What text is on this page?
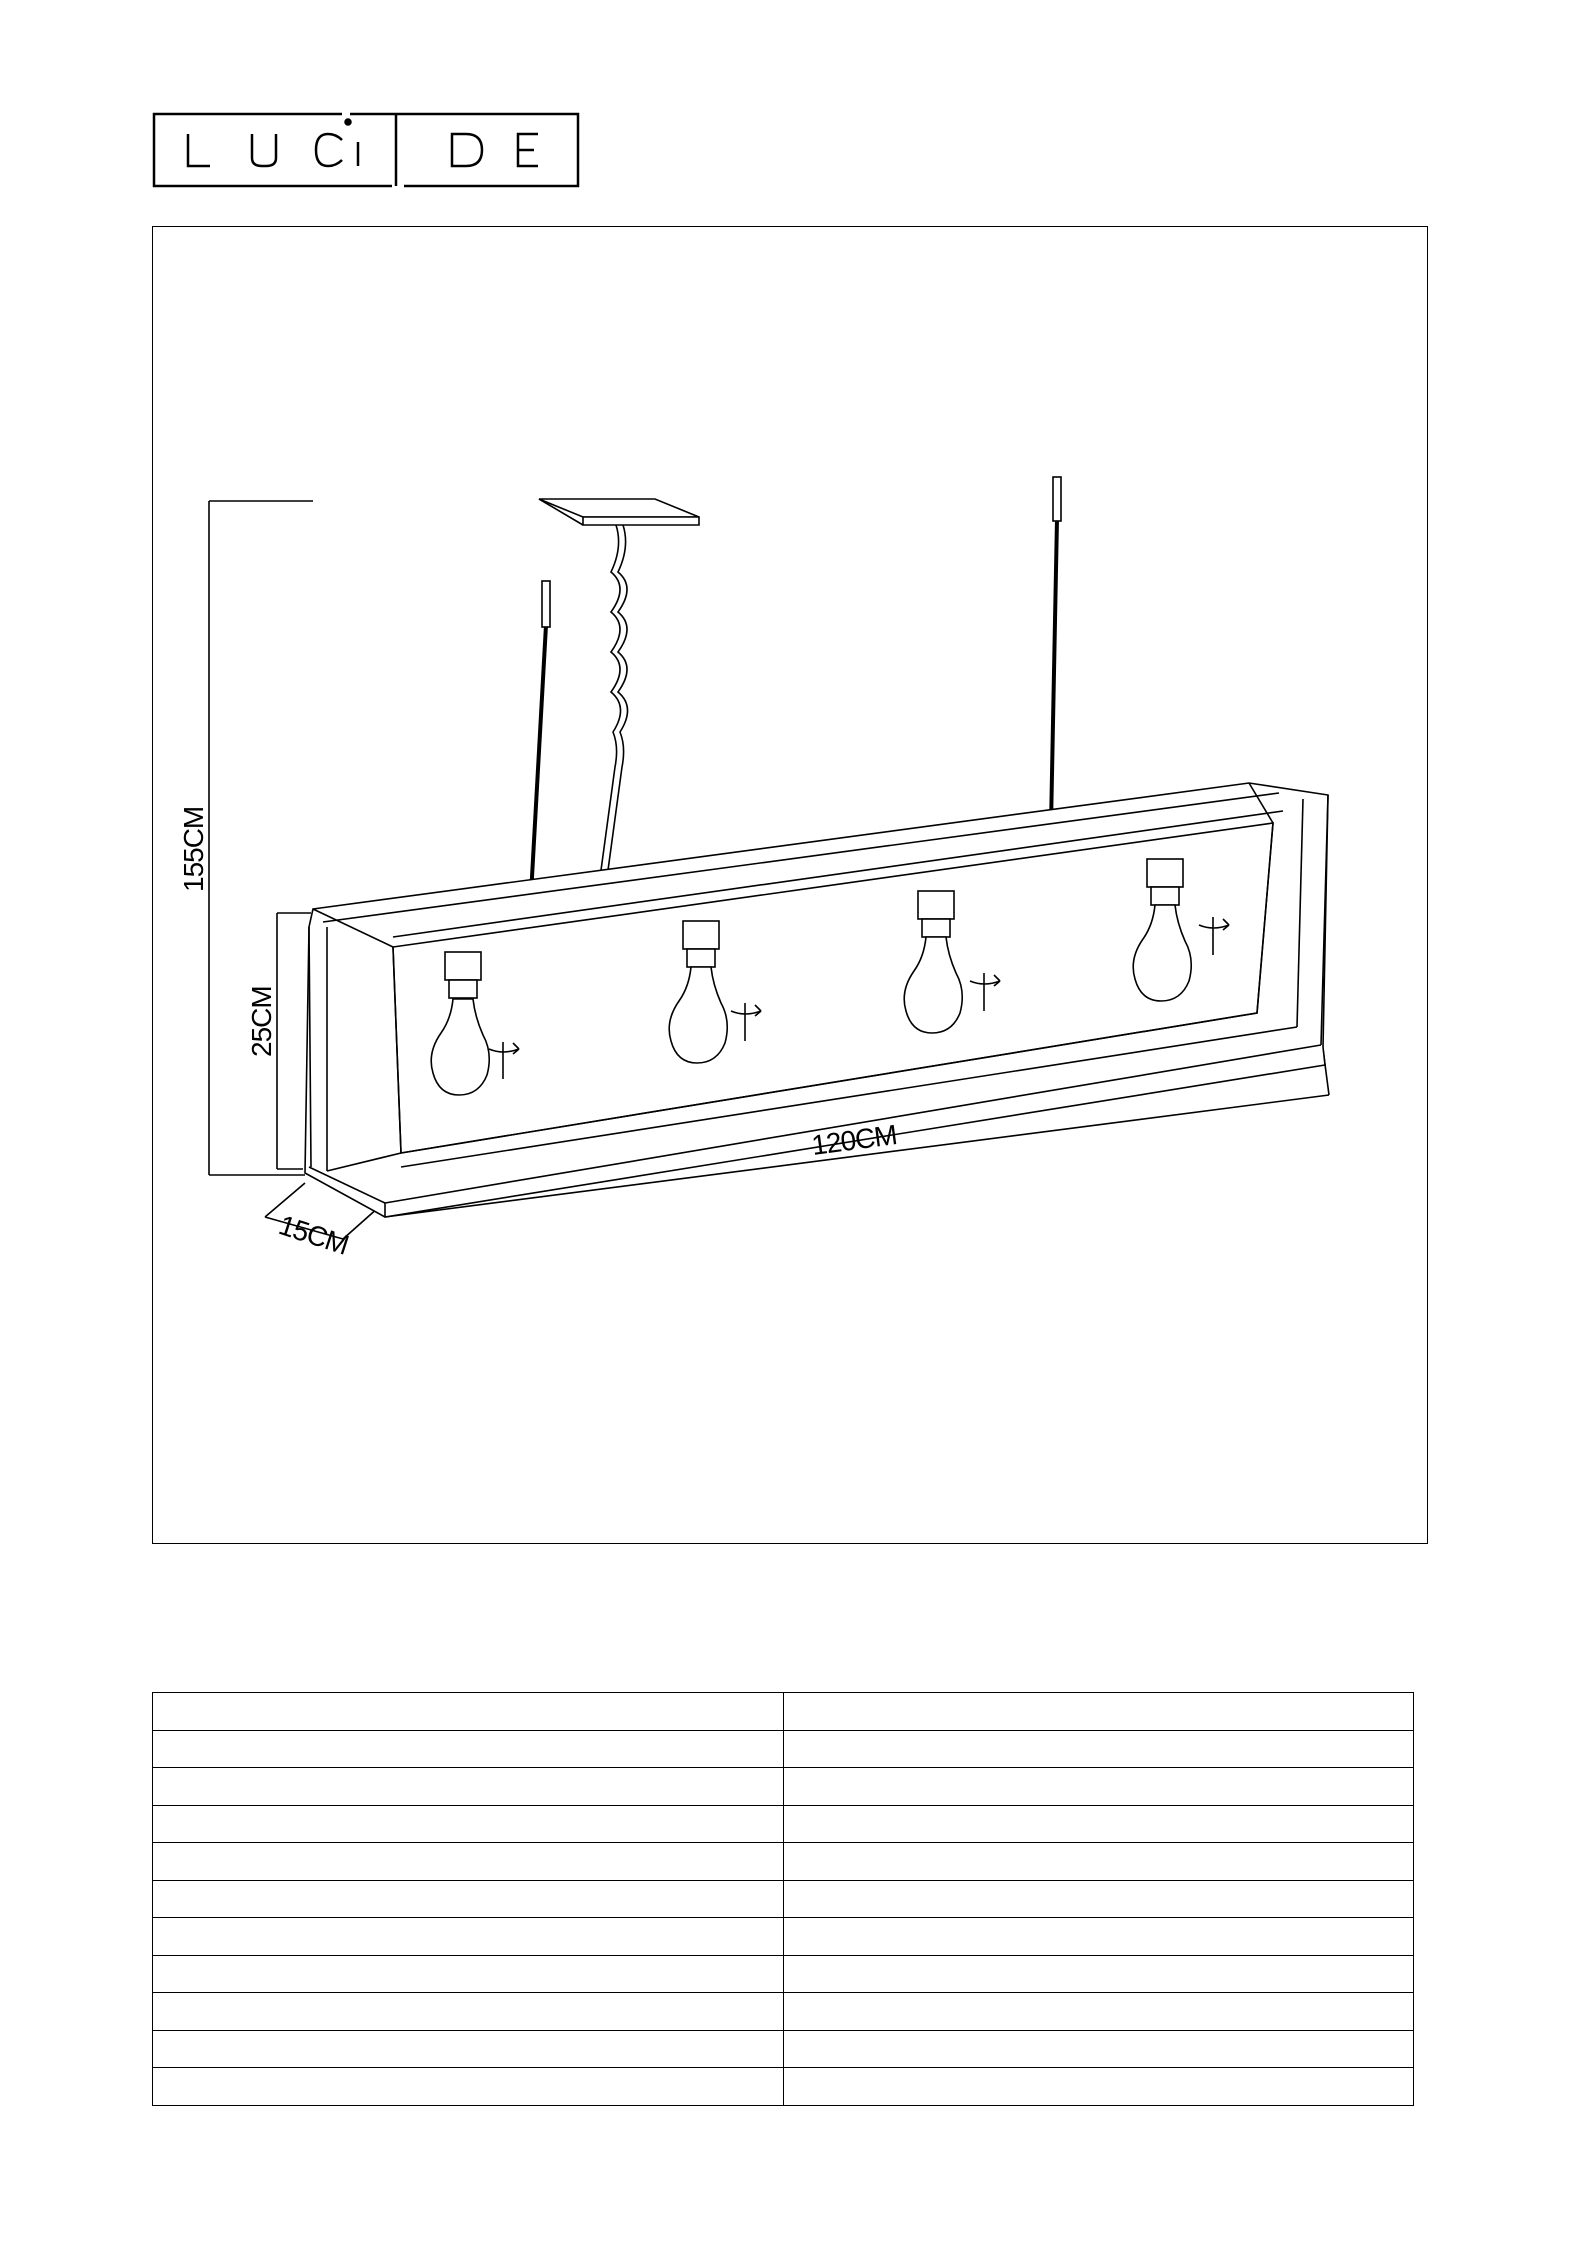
155CM
25CM
15CM
120CM
